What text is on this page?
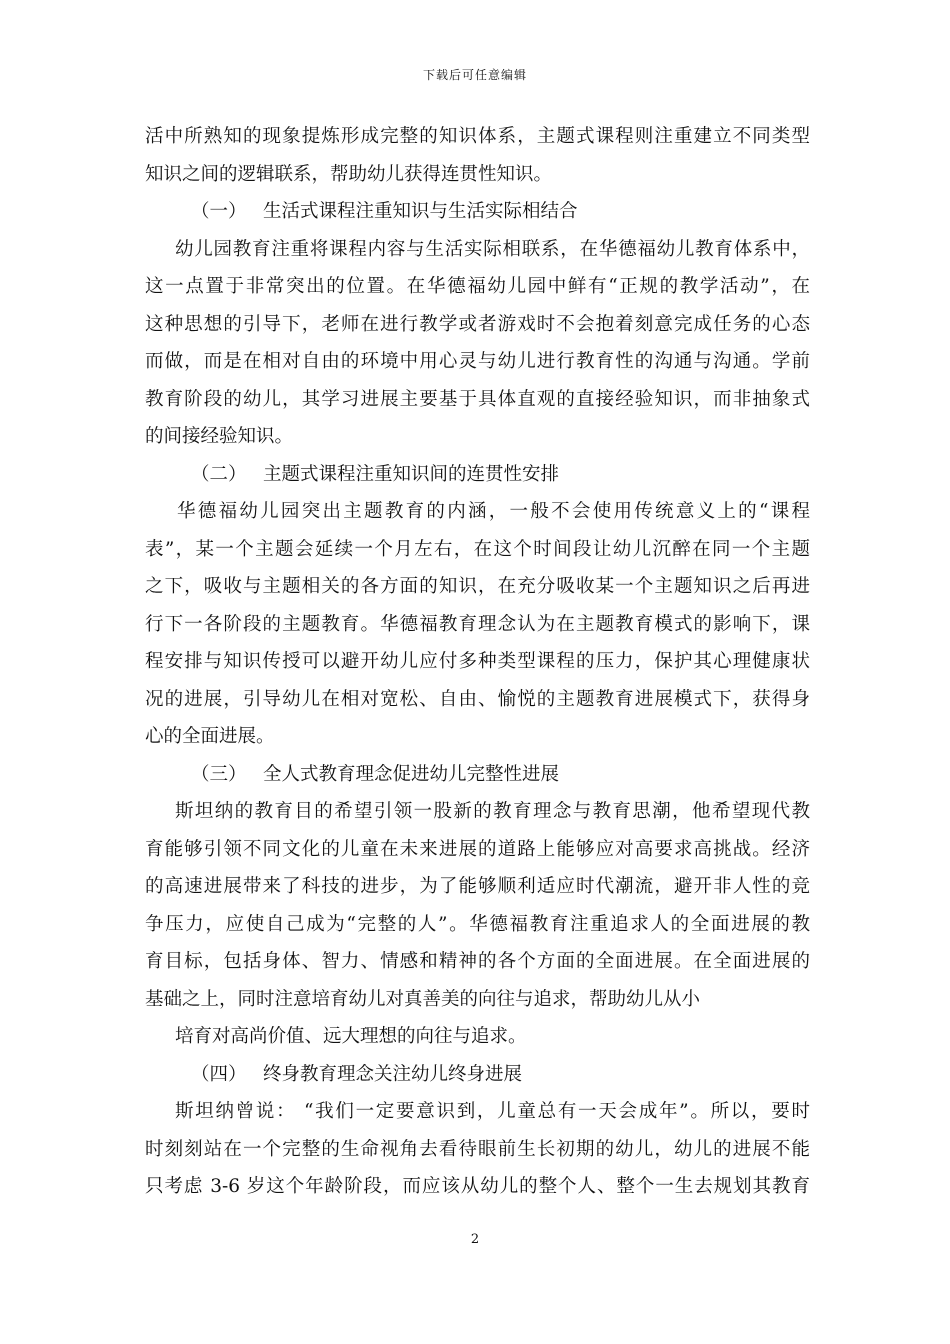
下载后可任意编辑
活中所熟知的现象提炼形成完整的知识体系，主题式课程则注重建立不同类型
知识之间的逻辑联系，帮助幼儿获得连贯性知识。
（一） 生活式课程注重知识与生活实际相结合
幼儿园教育注重将课程内容与生活实际相联系，在华德福幼儿教育体系中，
这一点置于非常突出的位置。在华德福幼儿园中鲜有“正规的教学活动”，在
这种思想的引导下，老师在进行教学或者游戏时不会抱着刻意完成任务的心态
而做，而是在相对自由的环境中用心灵与幼儿进行教育性的沟通与沟通。学前
教育阶段的幼儿，其学习进展主要基于具体直观的直接经验知识，而非抽象式
的间接经验知识。
（二） 主题式课程注重知识间的连贯性安排
华德福幼儿园突出主题教育的内涵，一般不会使用传统意义上的“课程
表”，某一个主题会延续一个月左右，在这个时间段让幼儿沉醉在同一个主题
之下，吸收与主题相关的各方面的知识，在充分吸收某一个主题知识之后再进
行下一各阶段的主题教育。华德福教育理念认为在主题教育模式的影响下，课
程安排与知识传授可以避开幼儿应付多种类型课程的压力，保护其心理健康状
况的进展，引导幼儿在相对宽松、自由、愉悦的主题教育进展模式下，获得身
心的全面进展。
（三） 全人式教育理念促进幼儿完整性进展
斯坦纳的教育目的希望引领一股新的教育理念与教育思潮，他希望现代教
育能够引领不同文化的儿童在未来进展的道路上能够应对高要求高挑战。经济
的高速进展带来了科技的进步，为了能够顺利适应时代潮流，避开非人性的竞
争压力，应使自己成为“完整的人”。华德福教育注重追求人的全面进展的教
育目标，包括身体、智力、情感和精神的各个方面的全面进展。在全面进展的
基础之上，同时注意培育幼儿对真善美的向往与追求，帮助幼儿从小
培育对高尚价值、远大理想的向往与追求。
（四） 终身教育理念关注幼儿终身进展
斯坦纳曾说： “我们一定要意识到，儿童总有一天会成年”。所以，要时
时刻刻站在一个完整的生命视角去看待眼前生长初期的幼儿，幼儿的进展不能
只考虑 3-6 岁这个年龄阶段，而应该从幼儿的整个人、整个一生去规划其教育
2
